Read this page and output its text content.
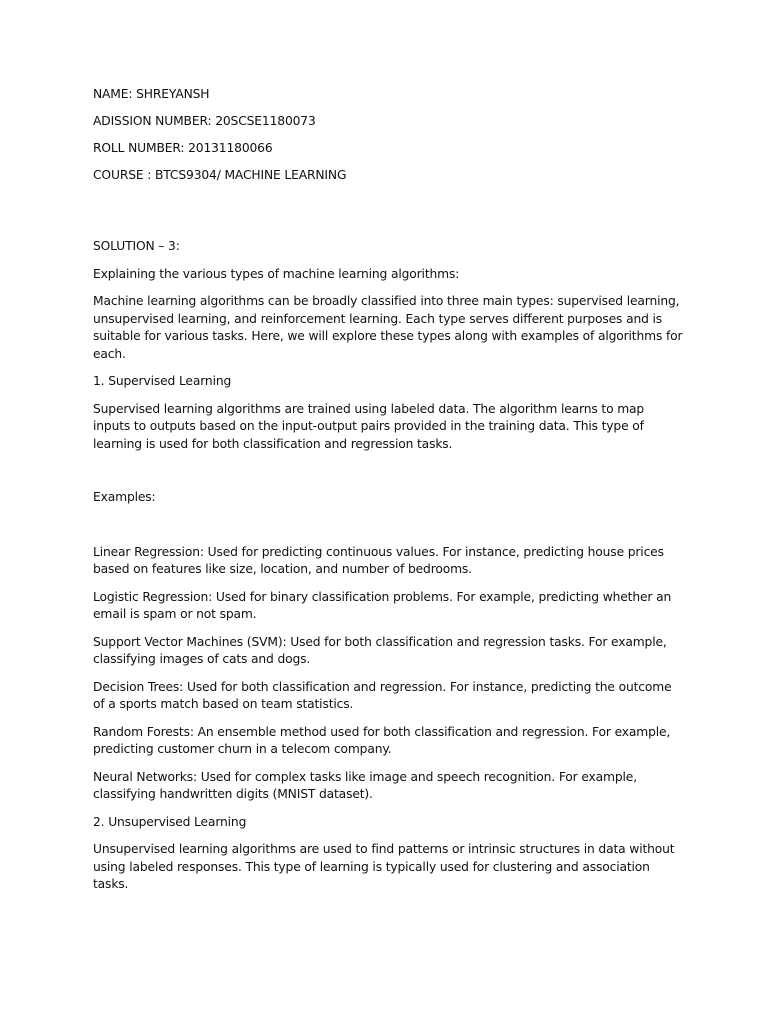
NAME: SHREYANSH

ADISSION NUMBER: 20SCSE1180073

ROLL NUMBER: 20131180066

COURSE : BTCS9304/ MACHINE LEARNING

SOLUTION – 3:

Explaining the various types of machine learning algorithms:

Machine learning algorithms can be broadly classified into three main types: supervised learning, unsupervised learning, and reinforcement learning. Each type serves different purposes and is suitable for various tasks. Here, we will explore these types along with examples of algorithms for each.

1. Supervised Learning

Supervised learning algorithms are trained using labeled data. The algorithm learns to map inputs to outputs based on the input-output pairs provided in the training data. This type of learning is used for both classification and regression tasks.

Examples:

Linear Regression: Used for predicting continuous values. For instance, predicting house prices based on features like size, location, and number of bedrooms.

Logistic Regression: Used for binary classification problems. For example, predicting whether an email is spam or not spam.

Support Vector Machines (SVM): Used for both classification and regression tasks. For example, classifying images of cats and dogs.

Decision Trees: Used for both classification and regression. For instance, predicting the outcome of a sports match based on team statistics.

Random Forests: An ensemble method used for both classification and regression. For example, predicting customer churn in a telecom company.

Neural Networks: Used for complex tasks like image and speech recognition. For example, classifying handwritten digits (MNIST dataset).

2. Unsupervised Learning

Unsupervised learning algorithms are used to find patterns or intrinsic structures in data without using labeled responses. This type of learning is typically used for clustering and association tasks.
